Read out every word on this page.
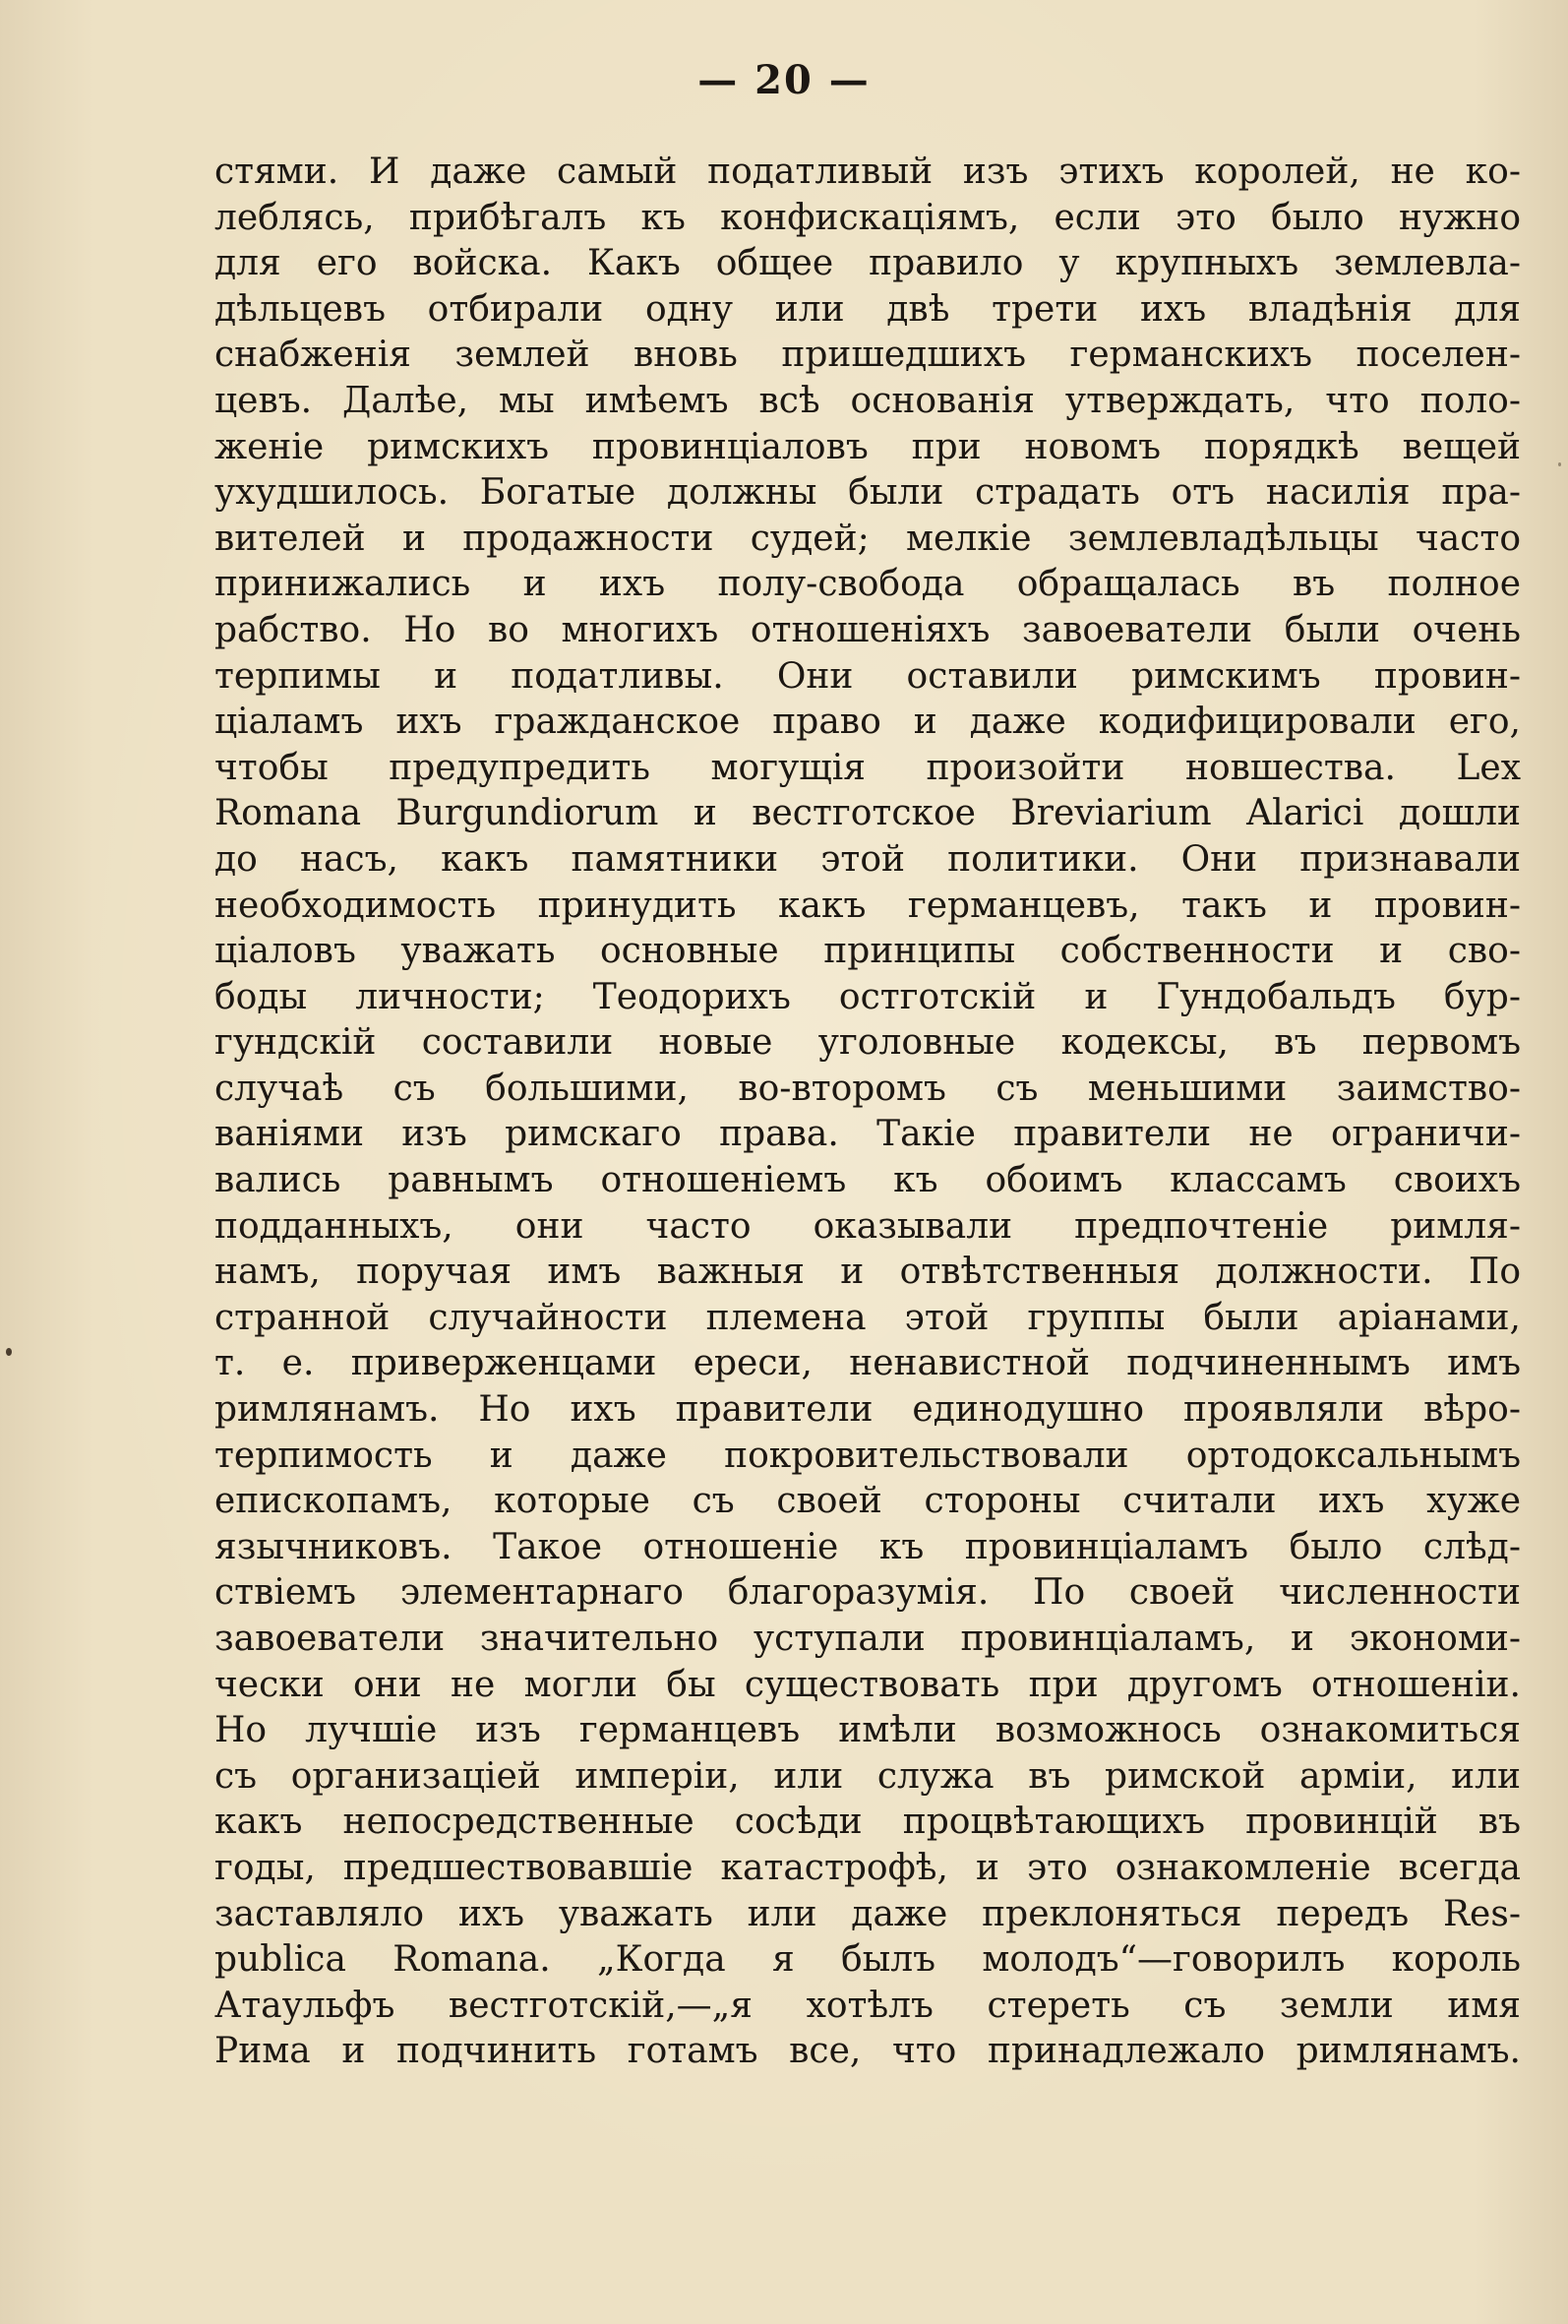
— 20 —
стями. И даже самый податливый изъ этихъ королей, не ко-
леблясь, прибѣгалъ къ конфискаціямъ, если это было нужно
для его войска. Какъ общее правило у крупныхъ землевла-
дѣльцевъ отбирали одну или двѣ трети ихъ владѣнія для
снабженія землей вновь пришедшихъ германскихъ поселен-
цевъ. Далѣе, мы имѣемъ всѣ основанія утверждать, что поло-
женіе римскихъ провинціаловъ при новомъ порядкѣ вещей
ухудшилось. Богатые должны были страдать отъ насилія пра-
вителей и продажности судей; мелкіе землевладѣльцы часто
принижались и ихъ полу-свобода обращалась въ полное
рабство. Но во многихъ отношеніяхъ завоеватели были очень
терпимы и податливы. Они оставили римскимъ провин-
ціаламъ ихъ гражданское право и даже кодифицировали его,
чтобы предупредить могущія произойти новшества. Lex
Romana Burgundiorum и вестготское Breviarium Alarici дошли
до насъ, какъ памятники этой политики. Они признавали
необходимость принудить какъ германцевъ, такъ и провин-
ціаловъ уважать основные принципы собственности и сво-
боды личности; Теодорихъ остготскій и Гундобальдъ бур-
гундскій составили новые уголовные кодексы, въ первомъ
случаѣ съ большими, во-второмъ съ меньшими заимство-
ваніями изъ римскаго права. Такіе правители не ограничи-
вались равнымъ отношеніемъ къ обоимъ классамъ своихъ
подданныхъ, они часто оказывали предпочтеніе римля-
намъ, поручая имъ важныя и отвѣтственныя должности. По
странной случайности племена этой группы были аріанами,
т. е. приверженцами ереси, ненавистной подчиненнымъ имъ
римлянамъ. Но ихъ правители единодушно проявляли вѣро-
терпимость и даже покровительствовали ортодоксальнымъ
епископамъ, которые съ своей стороны считали ихъ хуже
язычниковъ. Такое отношеніе къ провинціаламъ было слѣд-
ствіемъ элементарнаго благоразумія. По своей численности
завоеватели значительно уступали провинціаламъ, и экономи-
чески они не могли бы существовать при другомъ отношеніи.
Но лучшіе изъ германцевъ имѣли возможнось ознакомиться
съ организацiей имперіи, или служа въ римской арміи, или
какъ непосредственные сосѣди процвѣтающихъ провинцій въ
годы, предшествовавшіе катастрофѣ, и это ознакомленіе всегда
заставляло ихъ уважать или даже преклоняться передъ Res-
publica Romana. „Когда я былъ молодъ“—говорилъ король
Атаульфъ вестготскій,—„я хотѣлъ стереть съ земли имя
Рима и подчинить готамъ все, что принадлежало римлянамъ.
